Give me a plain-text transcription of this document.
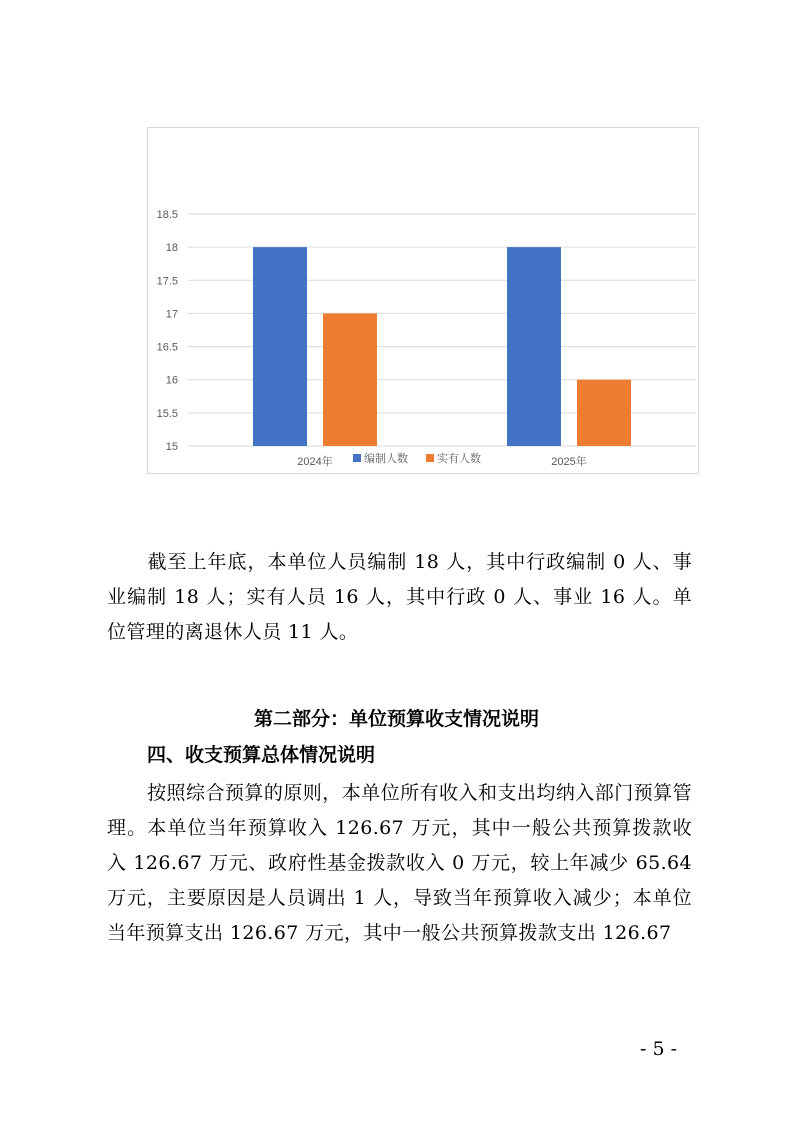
15
15.5
16
16.5
17
17.5
18
18.5
2024年	2025年
编制人数	实有人数

截至上年底，本单位人员编制 18 人，其中行政编制 0 人、事业编制 18 人；实有人员 16 人，其中行政 0 人、事业 16 人。单位管理的离退休人员 11 人。

第二部分：单位预算收支情况说明
四、收支预算总体情况说明

按照综合预算的原则，本单位所有收入和支出均纳入部门预算管理。本单位当年预算收入 126.67 万元，其中一般公共预算拨款收入 126.67 万元、政府性基金拨款收入 0 万元，较上年减少 65.64 万元，主要原因是人员调出 1 人，导致当年预算收入减少；本单位当年预算支出 126.67 万元，其中一般公共预算拨款支出 126.67

- 5 -
